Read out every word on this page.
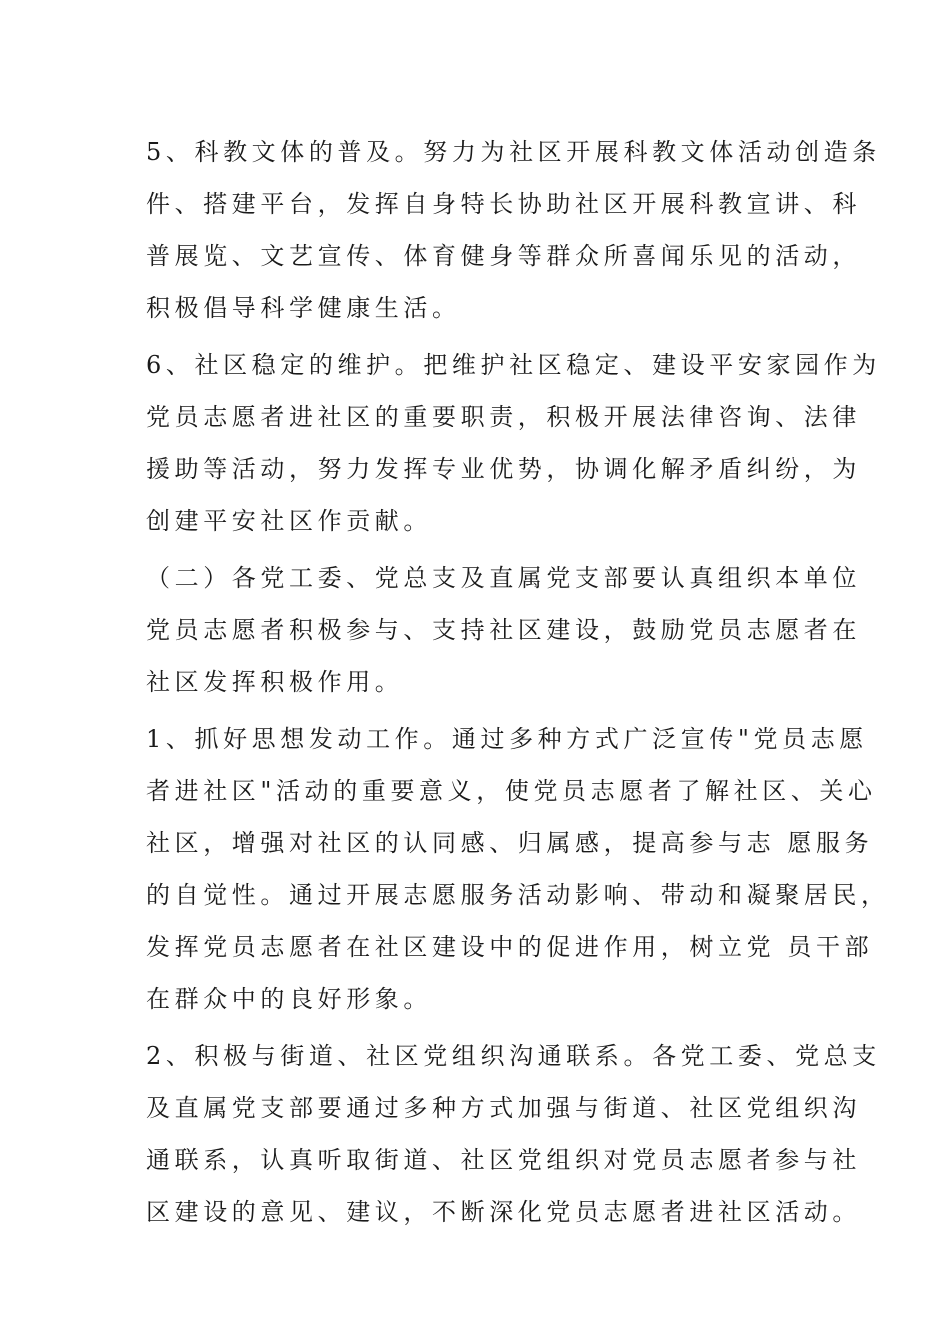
5、科教文体的普及。努力为社区开展科教文体活动创造条
件、搭建平台，发挥自身特长协助社区开展科教宣讲、科
普展览、文艺宣传、体育健身等群众所喜闻乐见的活动，
积极倡导科学健康生活。

6、社区稳定的维护。把维护社区稳定、建设平安家园作为
党员志愿者进社区的重要职责，积极开展法律咨询、法律
援助等活动，努力发挥专业优势，协调化解矛盾纠纷，为
创建平安社区作贡献。

（二）各党工委、党总支及直属党支部要认真组织本单位
党员志愿者积极参与、支持社区建设，鼓励党员志愿者在
社区发挥积极作用。

1、抓好思想发动工作。通过多种方式广泛宣传"党员志愿
者进社区"活动的重要意义，使党员志愿者了解社区、关心
社区，增强对社区的认同感、归属感，提高参与志 愿服务
的自觉性。通过开展志愿服务活动影响、带动和凝聚居民，
发挥党员志愿者在社区建设中的促进作用，树立党 员干部
在群众中的良好形象。

2、积极与街道、社区党组织沟通联系。各党工委、党总支
及直属党支部要通过多种方式加强与街道、社区党组织沟
通联系，认真听取街道、社区党组织对党员志愿者参与社
区建设的意见、建议，不断深化党员志愿者进社区活动。
